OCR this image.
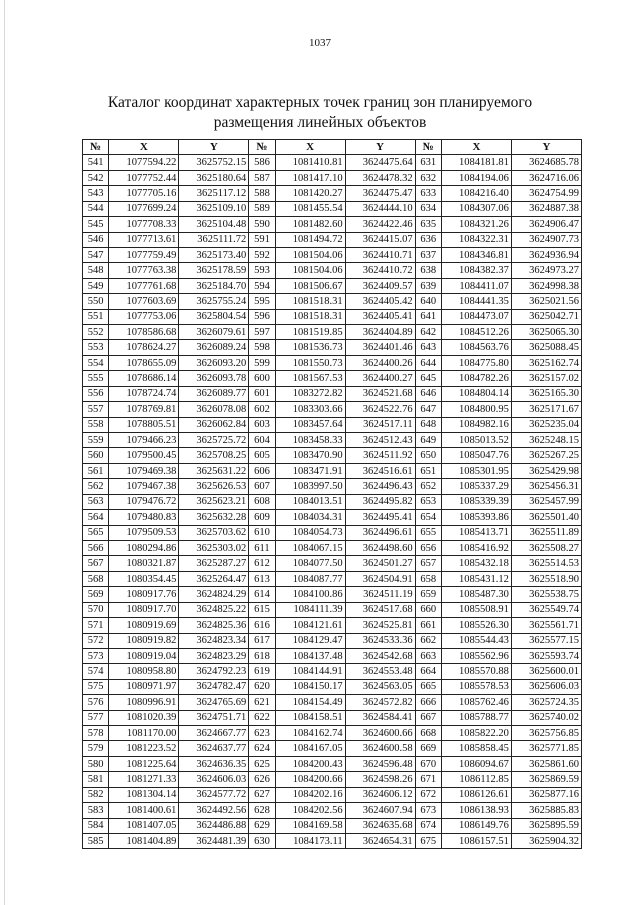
1037
Каталог координат характерных точек границ зон планируемого
размещения линейных объектов
№	X	Y	№	X	Y	№	X	Y
541	1077594.22	3625752.15	586	1081410.81	3624475.64	631	1084181.81	3624685.78
542	1077752.44	3625180.64	587	1081417.10	3624478.32	632	1084194.06	3624716.06
543	1077705.16	3625117.12	588	1081420.27	3624475.47	633	1084216.40	3624754.99
544	1077699.24	3625109.10	589	1081455.54	3624444.10	634	1084307.06	3624887.38
545	1077708.33	3625104.48	590	1081482.60	3624422.46	635	1084321.26	3624906.47
546	1077713.61	3625111.72	591	1081494.72	3624415.07	636	1084322.31	3624907.73
547	1077759.49	3625173.40	592	1081504.06	3624410.71	637	1084346.81	3624936.94
548	1077763.38	3625178.59	593	1081504.06	3624410.72	638	1084382.37	3624973.27
549	1077761.68	3625184.70	594	1081506.67	3624409.57	639	1084411.07	3624998.38
550	1077603.69	3625755.24	595	1081518.31	3624405.42	640	1084441.35	3625021.56
551	1077753.06	3625804.54	596	1081518.31	3624405.41	641	1084473.07	3625042.71
552	1078586.68	3626079.61	597	1081519.85	3624404.89	642	1084512.26	3625065.30
553	1078624.27	3626089.24	598	1081536.73	3624401.46	643	1084563.76	3625088.45
554	1078655.09	3626093.20	599	1081550.73	3624400.26	644	1084775.80	3625162.74
555	1078686.14	3626093.78	600	1081567.53	3624400.27	645	1084782.26	3625157.02
556	1078724.74	3626089.77	601	1083272.82	3624521.68	646	1084804.14	3625165.30
557	1078769.81	3626078.08	602	1083303.66	3624522.76	647	1084800.95	3625171.67
558	1078805.51	3626062.84	603	1083457.64	3624517.11	648	1084982.16	3625235.04
559	1079466.23	3625725.72	604	1083458.33	3624512.43	649	1085013.52	3625248.15
560	1079500.45	3625708.25	605	1083470.90	3624511.92	650	1085047.76	3625267.25
561	1079469.38	3625631.22	606	1083471.91	3624516.61	651	1085301.95	3625429.98
562	1079467.38	3625626.53	607	1083997.50	3624496.43	652	1085337.29	3625456.31
563	1079476.72	3625623.21	608	1084013.51	3624495.82	653	1085339.39	3625457.99
564	1079480.83	3625632.28	609	1084034.31	3624495.41	654	1085393.86	3625501.40
565	1079509.53	3625703.62	610	1084054.73	3624496.61	655	1085413.71	3625511.89
566	1080294.86	3625303.02	611	1084067.15	3624498.60	656	1085416.92	3625508.27
567	1080321.87	3625287.27	612	1084077.50	3624501.27	657	1085432.18	3625514.53
568	1080354.45	3625264.47	613	1084087.77	3624504.91	658	1085431.12	3625518.90
569	1080917.76	3624824.29	614	1084100.86	3624511.19	659	1085487.30	3625538.75
570	1080917.70	3624825.22	615	1084111.39	3624517.68	660	1085508.91	3625549.74
571	1080919.69	3624825.36	616	1084121.61	3624525.81	661	1085526.30	3625561.71
572	1080919.82	3624823.34	617	1084129.47	3624533.36	662	1085544.43	3625577.15
573	1080919.04	3624823.29	618	1084137.48	3624542.68	663	1085562.96	3625593.74
574	1080958.80	3624792.23	619	1084144.91	3624553.48	664	1085570.88	3625600.01
575	1080971.97	3624782.47	620	1084150.17	3624563.05	665	1085578.53	3625606.03
576	1080996.91	3624765.69	621	1084154.49	3624572.82	666	1085762.46	3625724.35
577	1081020.39	3624751.71	622	1084158.51	3624584.41	667	1085788.77	3625740.02
578	1081170.00	3624667.77	623	1084162.74	3624600.66	668	1085822.20	3625756.85
579	1081223.52	3624637.77	624	1084167.05	3624600.58	669	1085858.45	3625771.85
580	1081225.64	3624636.35	625	1084200.43	3624596.48	670	1086094.67	3625861.60
581	1081271.33	3624606.03	626	1084200.66	3624598.26	671	1086112.85	3625869.59
582	1081304.14	3624577.72	627	1084202.16	3624606.12	672	1086126.61	3625877.16
583	1081400.61	3624492.56	628	1084202.56	3624607.94	673	1086138.93	3625885.83
584	1081407.05	3624486.88	629	1084169.58	3624635.68	674	1086149.76	3625895.59
585	1081404.89	3624481.39	630	1084173.11	3624654.31	675	1086157.51	3625904.32
